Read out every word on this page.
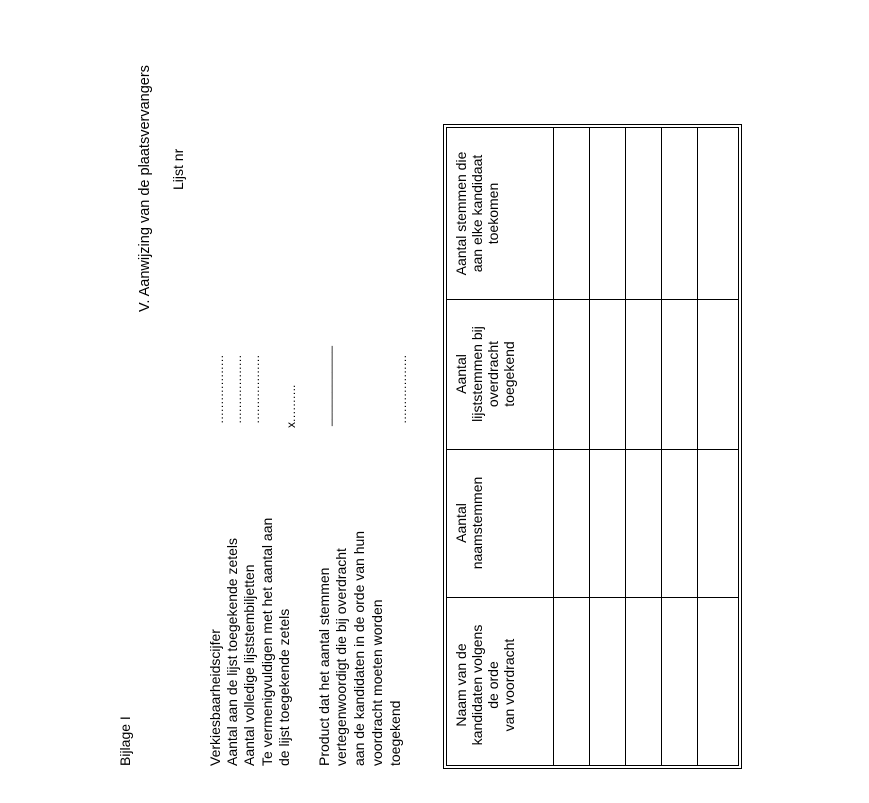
Bijlage I
V. Aanwijzing van de plaatsvervangers Lijst nr
Verkiesbaarheidscijfer Aantal aan de lijst toegekende zetels Aantal volledige lijststembiljetten Te vermenigvuldigen met het aantal aan de lijst toegekende zetels
……………… ……………… ……………… x………. ____________
Product dat het aantal stemmen vertegenwoordigt die bij overdracht aan de kandidaten in de orde van hun voordracht moeten worden toegekend
………………
Naam van de kandidaten volgens de orde van voordracht
Aantal naamstemmen
Aantal lijststemmen bij overdracht toegekend
Aantal stemmen die aan elke kandidaat toekomen
